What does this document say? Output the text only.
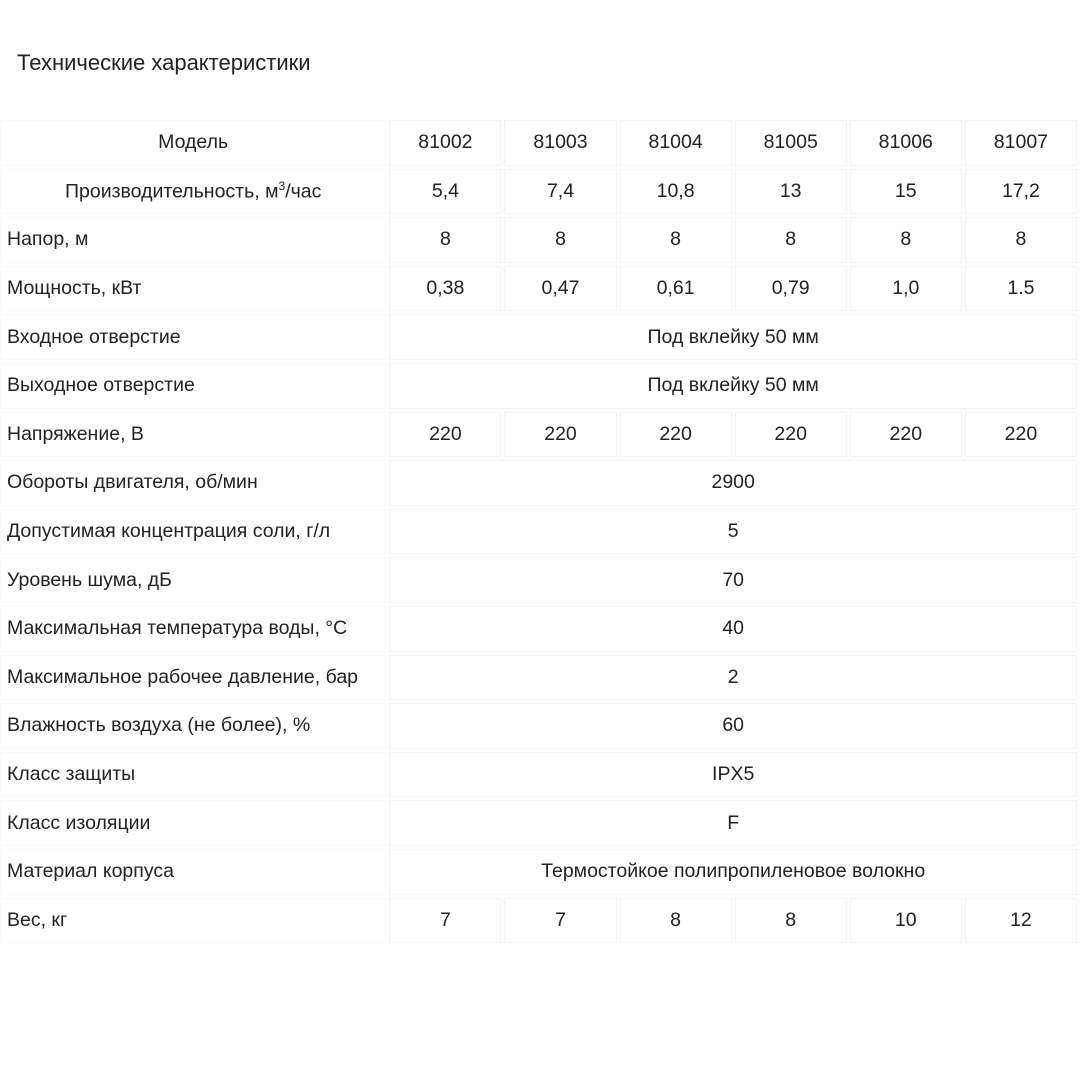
Технические характеристики
Модель	81002	81003	81004	81005	81006	81007
Производительность, $м^3$/час	5,4	7,4	10,8	13	15	17,2
Напор, м	8	8	8	8	8	8
Мощность, кВт	0,38	0,47	0,61	0,79	1,0	1.5
Входное отверстие	Под вклейку 50 мм					
Выходное отверстие	Под вклейку 50 мм					
Напряжение, В	220	220	220	220	220	220
Обороты двигателя, об/мин	2900					
Допустимая концентрация соли, г/л	5					
Уровень шума, дБ	70					
Максимальная температура воды, °С	40					
Максимальное рабочее давление, бар	2					
Влажность воздуха (не более), %	60					
Класс защиты	IPX5					
Класс изоляции	F					
Материал корпуса	Термостойкое полипропиленовое волокно					
Вес, кг	7	7	8	8	10	12
